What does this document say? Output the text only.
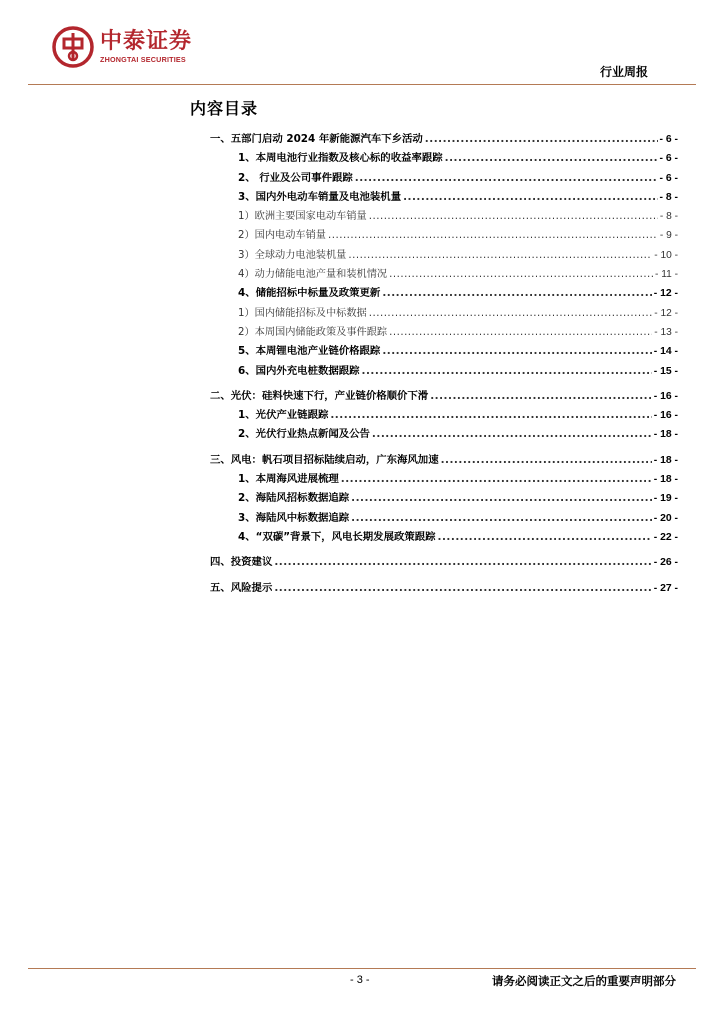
中泰证券
ZHONGTAI SECURITIES
行业周报
内容目录
一、五部门启动 2024 年新能源汽车下乡活动 .....	- 6 -
1、本周电池行业指数及核心标的收益率跟踪 .....	- 6 -
2、 行业及公司事件跟踪 .....	- 6 -
3、国内外电动车销量及电池装机量 .....	- 8 -
1）欧洲主要国家电动车销量 .....	- 8 -
2）国内电动车销量 .....	- 9 -
3）全球动力电池装机量 .....	- 10 -
4）动力储能电池产量和装机情况 .....	- 11 -
4、储能招标中标量及政策更新 .....	- 12 -
1）国内储能招标及中标数据 .....	- 12 -
2）本周国内储能政策及事件跟踪 .....	- 13 -
5、本周锂电池产业链价格跟踪 .....	- 14 -
6、国内外充电桩数据跟踪 .....	- 15 -
二、光伏：硅料快速下行，产业链价格顺价下滑 .....	- 16 -
1、光伏产业链跟踪 .....	- 16 -
2、光伏行业热点新闻及公告 .....	- 18 -
三、风电：帆石项目招标陆续启动，广东海风加速 .....	- 18 -
1、本周海风进展梳理 .....	- 18 -
2、海陆风招标数据追踪 .....	- 19 -
3、海陆风中标数据追踪 .....	- 20 -
4、“双碳”背景下，风电长期发展政策跟踪 .....	- 22 -
四、投资建议 .....	- 26 -
五、风险提示 .....	- 27 -
- 3 -	请务必阅读正文之后的重要声明部分
